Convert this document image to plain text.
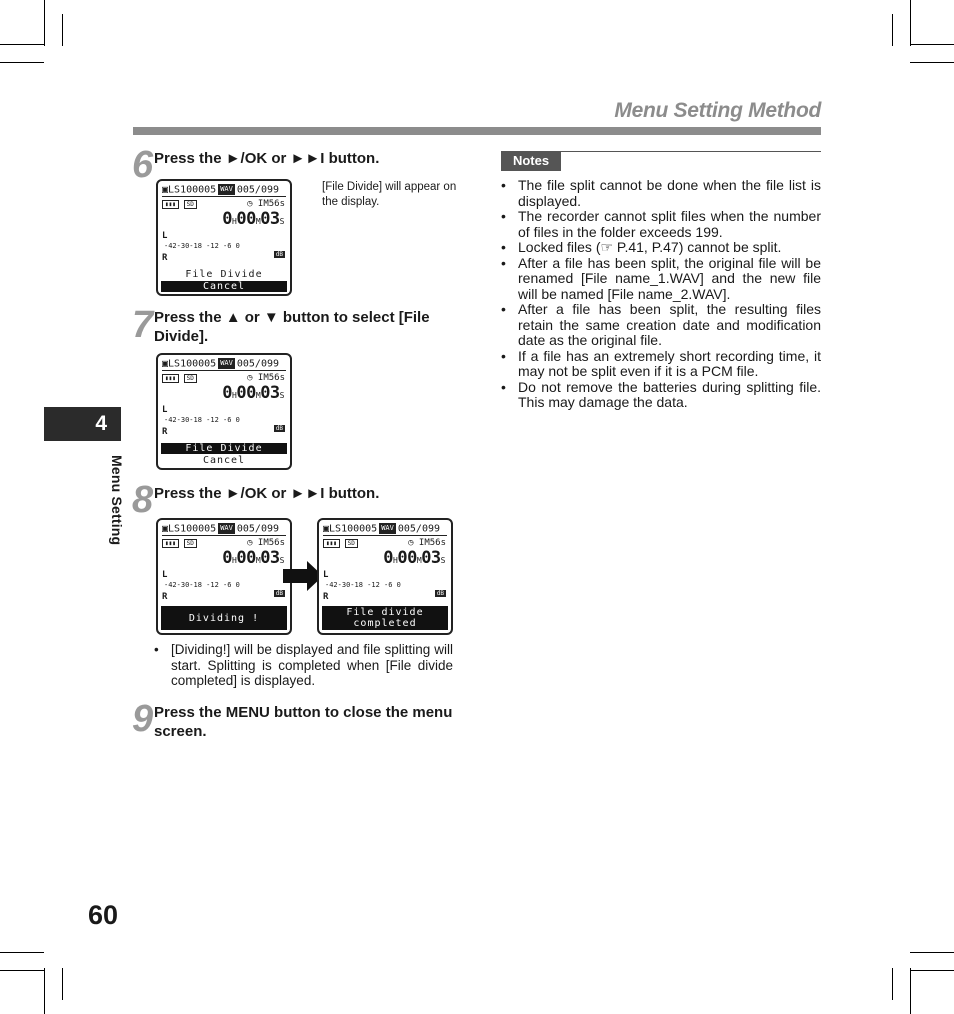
Menu Setting Method
4
Menu Setting
6 Press the ►/OK or ►►I button.
▣LS100005 WAV 005/099
▮▮▮ SD	◷ IM56s
0H00M03S
L
-42-30-18 -12 -6 0
dB
R
File Divide
Cancel
[File Divide] will appear on the display.
7 Press the ▲ or ▼ button to select [File Divide].
▣LS100005 WAV 005/099
▮▮▮ SD	◷ IM56s
0H00M03S
L
-42-30-18 -12 -6 0
dB
R
File Divide
Cancel
8 Press the ►/OK or ►►I button.
▣LS100005 WAV 005/099
▮▮▮ SD	◷ IM56s
0H00M03S
L
-42-30-18 -12 -6 0
dB
R
Dividing !
▣LS100005 WAV 005/099
▮▮▮ SD	◷ IM56s
0H00M03S
L
-42-30-18 -12 -6 0
dB
R
File divide
completed
• [Dividing!] will be displayed and file splitting will start. Splitting is completed when [File divide completed] is displayed.
9 Press the MENU button to close the menu screen.
Notes
• The file split cannot be done when the file list is displayed.
• The recorder cannot split files when the number of files in the folder exceeds 199.
• Locked files (☞ P.41, P.47) cannot be split.
• After a file has been split, the original file will be renamed [File name_1.WAV] and the new file will be named [File name_2.WAV].
• After a file has been split, the resulting files retain the same creation date and modification date as the original file.
• If a file has an extremely short recording time, it may not be split even if it is a PCM file.
• Do not remove the batteries during splitting file. This may damage the data.
60
